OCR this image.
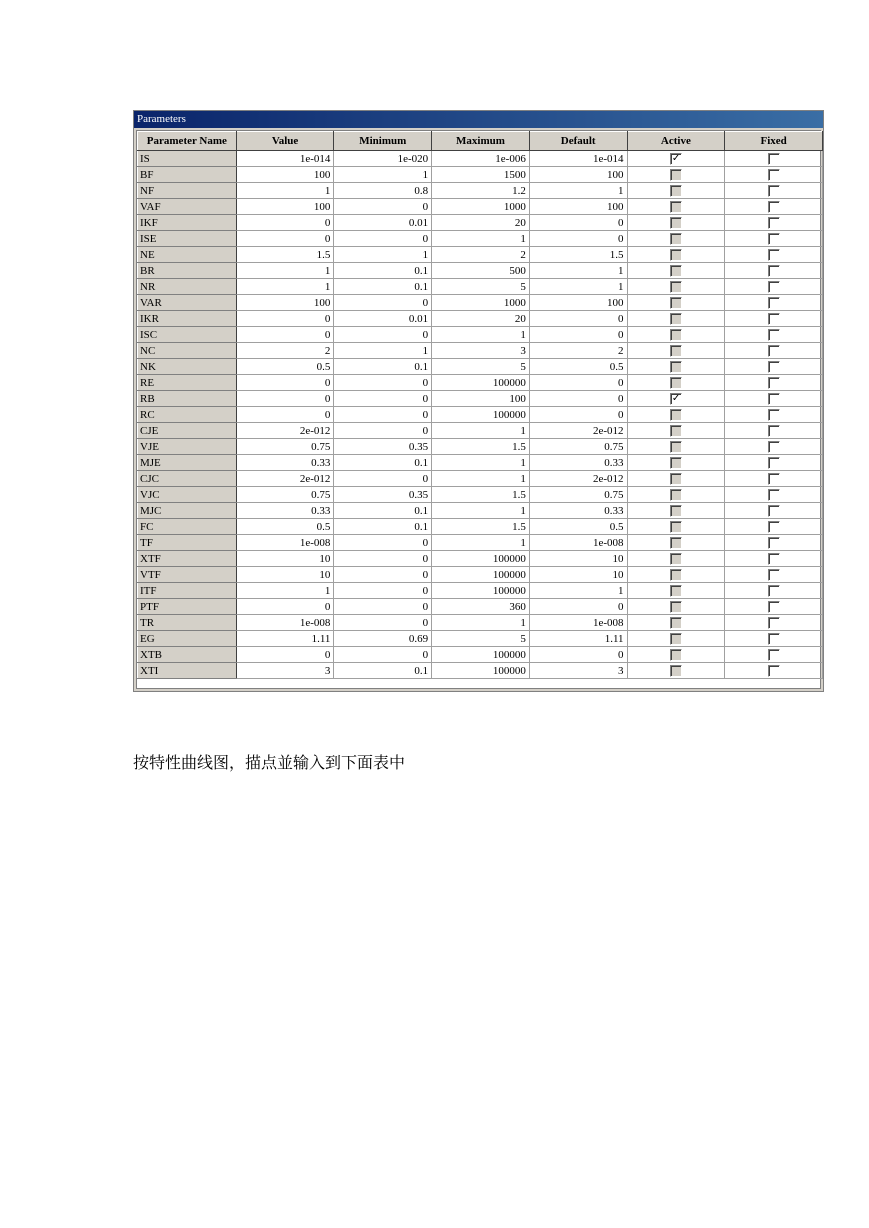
Parameters
Parameter Name	Value	Minimum	Maximum	Default	Active	Fixed
IS	1e-014	1e-020	1e-006	1e-014	✓	
BF	100	1	1500	100		
NF	1	0.8	1.2	1		
VAF	100	0	1000	100		
IKF	0	0.01	20	0		
ISE	0	0	1	0		
NE	1.5	1	2	1.5		
BR	1	0.1	500	1		
NR	1	0.1	5	1		
VAR	100	0	1000	100		
IKR	0	0.01	20	0		
ISC	0	0	1	0		
NC	2	1	3	2		
NK	0.5	0.1	5	0.5		
RE	0	0	100000	0		
RB	0	0	100	0	✓	
RC	0	0	100000	0		
CJE	2e-012	0	1	2e-012		
VJE	0.75	0.35	1.5	0.75		
MJE	0.33	0.1	1	0.33		
CJC	2e-012	0	1	2e-012		
VJC	0.75	0.35	1.5	0.75		
MJC	0.33	0.1	1	0.33		
FC	0.5	0.1	1.5	0.5		
TF	1e-008	0	1	1e-008		
XTF	10	0	100000	10		
VTF	10	0	100000	10		
ITF	1	0	100000	1		
PTF	0	0	360	0		
TR	1e-008	0	1	1e-008		
EG	1.11	0.69	5	1.11		
XTB	0	0	100000	0		
XTI	3	0.1	100000	3		
按特性曲线图，描点並输入到下面表中
